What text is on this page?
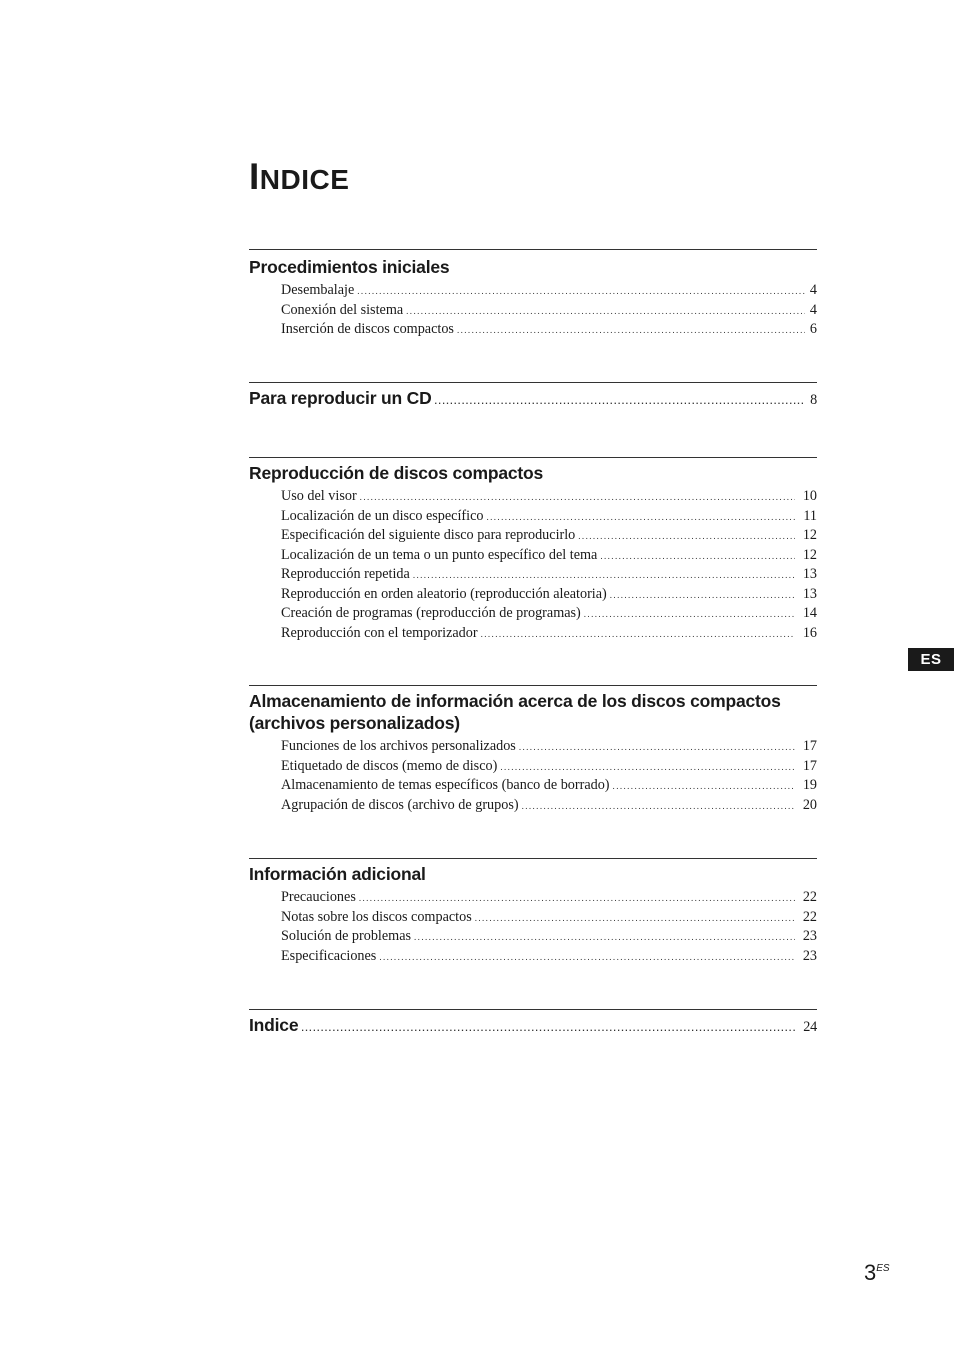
INDICE
Procedimientos iniciales
Desembalaje .....	4
Conexión del sistema .....	4
Inserción de discos compactos .....	6
Para reproducir un CD .....	8
Reproducción de discos compactos
Uso del visor .....	10
Localización de un disco específico .....	11
Especificación del siguiente disco para reproducirlo .....	12
Localización de un tema o un punto específico del tema .....	12
Reproducción repetida .....	13
Reproducción en orden aleatorio (reproducción aleatoria) .....	13
Creación de programas (reproducción de programas) .....	14
Reproducción con el temporizador .....	16
Almacenamiento de información acerca de los discos compactos
(archivos personalizados)
Funciones de los archivos personalizados .....	17
Etiquetado de discos (memo de disco) .....	17
Almacenamiento de temas específicos (banco de borrado) .....	19
Agrupación de discos (archivo de grupos) .....	20
Información adicional
Precauciones .....	22
Notas sobre los discos compactos .....	22
Solución de problemas .....	23
Especificaciones .....	23
Indice .....	24
ES
$3^{ES}$
